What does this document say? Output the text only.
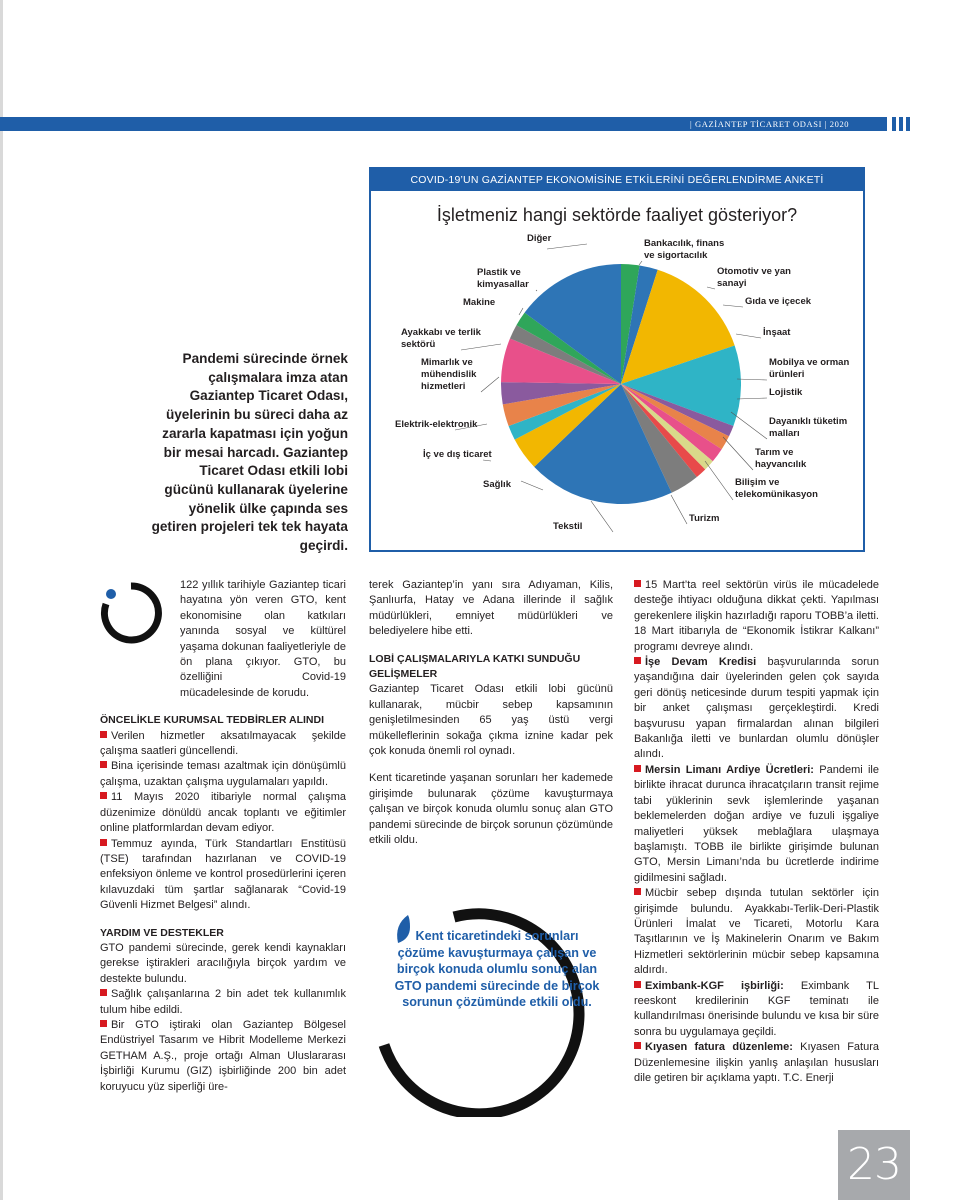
| GAZİANTEP TİCARET ODASI | 2020
Pandemi sürecinde örnek çalışmalara imza atan Gaziantep Ticaret Odası, üyelerinin bu süreci daha az zararla kapatması için yoğun bir mesai harcadı. Gaziantep Ticaret Odası etkili lobi gücünü kullanarak üyelerine yönelik ülke çapında ses getiren projeleri tek tek hayata geçirdi.
COVID-19’UN GAZİANTEP EKONOMİSİNE ETKİLERİNİ DEĞERLENDİRME ANKETİ
İşletmeniz hangi sektörde faaliyet gösteriyor?
Diğer	Bankacılık, finans ve sigortacılık
Otomotiv ve yan sanayi
Plastik ve kimyasallar
Gıda ve içecek
Makine
İnşaat
Ayakkabı ve terlik sektörü
Mobilya ve orman ürünleri
Mimarlık ve mühendislik hizmetleri
Lojistik
Dayanıklı tüketim malları
Elektrik-elektronik
Tarım ve hayvancılık
İç ve dış ticaret
Bilişim ve telekomünikasyon
Sağlık
Turizm
Tekstil

122 yıllık tarihiyle Gaziantep ticari hayatına yön veren GTO, kent ekonomisine olan katkıları yanında sosyal ve kültürel yaşama dokunan faaliyetleriyle de ön plana çıkıyor. GTO, bu özelliğini Covid-19 mücadelesinde de korudu.

ÖNCELİKLE KURUMSAL TEDBİRLER ALINDI

Verilen hizmetler aksatılmayacak şekilde çalışma saatleri güncellendi.

Bina içerisinde teması azaltmak için dönüşümlü çalışma, uzaktan çalışma uygulamaları yapıldı.

11 Mayıs 2020 itibariyle normal çalışma düzenimize dönüldü ancak toplantı ve eğitimler online platformlardan devam ediyor.

Temmuz ayında, Türk Standartları Enstitüsü (TSE) tarafından hazırlanan ve COVID-19 enfeksiyon önleme ve kontrol prosedürlerini içeren kılavuzdaki tüm şartlar sağlanarak “Covid-19 Güvenli Hizmet Belgesi” alındı.

YARDIM VE DESTEKLER

GTO pandemi sürecinde, gerek kendi kaynakları gerekse iştirakleri aracılığıyla birçok yardım ve destekte bulundu.

Sağlık çalışanlarına 2 bin adet tek kullanımlık tulum hibe edildi.

Bir GTO iştiraki olan Gaziantep Bölgesel Endüstriyel Tasarım ve Hibrit Modelleme Merkezi GETHAM A.Ş., proje ortağı Alman Uluslararası İşbirliği Kurumu (GIZ) işbirliğinde 200 bin adet koruyucu yüz siperliği üre-

terek Gaziantep’in yanı sıra Adıyaman, Kilis, Şanlıurfa, Hatay ve Adana illerinde il sağlık müdürlükleri, emniyet müdürlükleri ve belediyelere hibe etti.

LOBİ ÇALIŞMALARIYLA KATKI SUNDUĞU GELİŞMELER

Gaziantep Ticaret Odası etkili lobi gücünü kullanarak, mücbir sebep kapsamının genişletilmesinden 65 yaş üstü vergi mükelleflerinin sokağa çıkma iznine kadar pek çok konuda önemli rol oynadı.

Kent ticaretinde yaşanan sorunları her kademede girişimde bulunarak çözüme kavuşturmaya çalışan ve birçok konuda olumlu sonuç alan GTO pandemi sürecinde de birçok sorunun çözümünde etkili oldu.

Kent ticaretindeki sorunları çözüme kavuşturmaya çalışan ve birçok konuda olumlu sonuç alan GTO pandemi sürecinde de birçok sorunun çözümünde etkili oldu.

15 Mart’ta reel sektörün virüs ile mücadelede desteğe ihtiyacı olduğuna dikkat çekti. Yapılması gerekenlere ilişkin hazırladığı raporu TOBB’a iletti. 18 Mart itibarıyla de “Ekonomik İstikrar Kalkanı” programı devreye alındı.

İşe Devam Kredisi başvurularında sorun yaşandığına dair üyelerinden gelen çok sayıda geri dönüş neticesinde durum tespiti yapmak için bir anket çalışması gerçekleştirdi. Kredi başvurusu yapan firmalardan alınan bilgileri Bakanlığa iletti ve bunlardan olumlu dönüşler alındı.

Mersin Limanı Ardiye Ücretleri: Pandemi ile birlikte ihracat durunca ihracatçıların transit rejime tabi yüklerinin sevk işlemlerinde yaşanan beklemelerden doğan ardiye ve fuzuli işgaliye maliyetleri yüksek meblağlara ulaşmaya başlamıştı. TOBB ile birlikte girişimde bulunan GTO, Mersin Limanı’nda bu ücretlerde indirime gidilmesini sağladı.

Mücbir sebep dışında tutulan sektörler için girişimde bulundu. Ayakkabı-Terlik-Deri-Plastik Ürünleri İmalat ve Ticareti, Motorlu Kara Taşıtlarının ve İş Makinelerin Onarım ve Bakım Hizmetleri sektörlerinin mücbir sebep kapsamına aldırdı.

Eximbank-KGF işbirliği: Eximbank TL reeskont kredilerinin KGF teminatı ile kullandırılması önerisinde bulundu ve kısa bir süre sonra bu uygulamaya geçildi.

Kıyasen fatura düzenleme: Kıyasen Fatura Düzenlemesine ilişkin yanlış anlaşılan hususları dile getiren bir açıklama yaptı. T.C. Enerji

23
